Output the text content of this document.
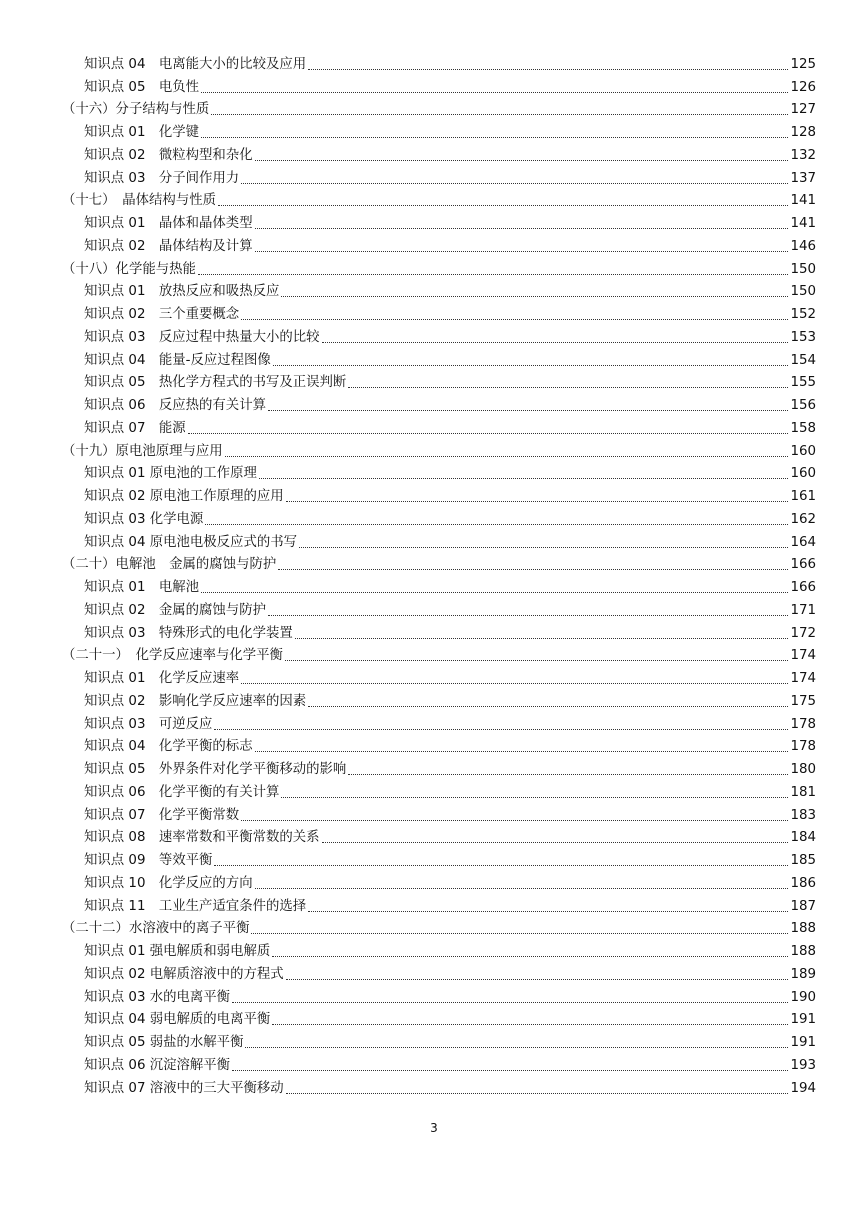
知识点 04　电离能大小的比较及应用	125
知识点 05　电负性	126
（十六）分子结构与性质	127
知识点 01　化学键	128
知识点 02　微粒构型和杂化	132
知识点 03　分子间作用力	137
（十七）　晶体结构与性质	141
知识点 01　晶体和晶体类型	141
知识点 02　晶体结构及计算	146
（十八）化学能与热能	150
知识点 01　放热反应和吸热反应	150
知识点 02　三个重要概念	152
知识点 03　反应过程中热量大小的比较	153
知识点 04　能量-反应过程图像	154
知识点 05　热化学方程式的书写及正误判断	155
知识点 06　反应热的有关计算	156
知识点 07　能源	158
（十九）原电池原理与应用	160
知识点 01 原电池的工作原理	160
知识点 02 原电池工作原理的应用	161
知识点 03 化学电源	162
知识点 04 原电池电极反应式的书写	164
（二十）电解池　金属的腐蚀与防护	166
知识点 01　电解池	166
知识点 02　金属的腐蚀与防护	171
知识点 03　特殊形式的电化学装置	172
（二十一）　化学反应速率与化学平衡	174
知识点 01　化学反应速率	174
知识点 02　影响化学反应速率的因素	175
知识点 03　可逆反应	178
知识点 04　化学平衡的标志	178
知识点 05　外界条件对化学平衡移动的影响	180
知识点 06　化学平衡的有关计算	181
知识点 07　化学平衡常数	183
知识点 08　速率常数和平衡常数的关系	184
知识点 09　等效平衡	185
知识点 10　化学反应的方向	186
知识点 11　工业生产适宜条件的选择	187
（二十二）水溶液中的离子平衡	188
知识点 01 强电解质和弱电解质	188
知识点 02 电解质溶液中的方程式	189
知识点 03 水的电离平衡	190
知识点 04 弱电解质的电离平衡	191
知识点 05 弱盐的水解平衡	191
知识点 06 沉淀溶解平衡	193
知识点 07 溶液中的三大平衡移动	194
3
